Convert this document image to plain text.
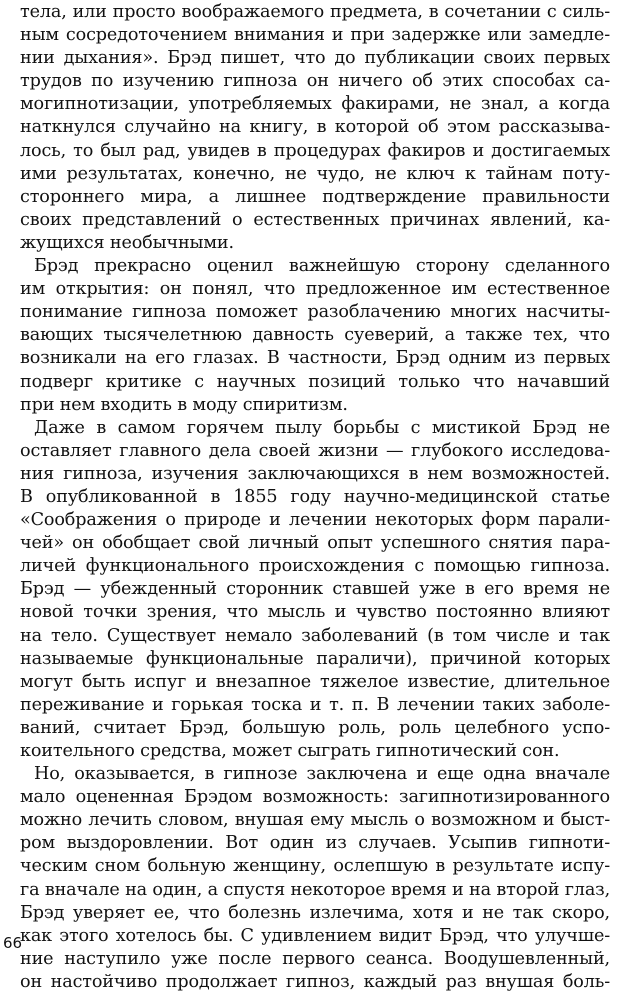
тела, или просто воображаемого предмета, в сочетании с силь-
ным сосредоточением внимания и при задержке или замедле-
нии дыхания». Брэд пишет, что до публикации своих первых
трудов по изучению гипноза он ничего об этих способах са-
могипнотизации, употребляемых факирами, не знал, а когда
наткнулся случайно на книгу, в которой об этом рассказыва-
лось, то был рад, увидев в процедурах факиров и достигаемых
ими результатах, конечно, не чудо, не ключ к тайнам поту-
стороннего мира, а лишнее подтверждение правильности
своих представлений о естественных причинах явлений, ка-
жущихся необычными.
Брэд прекрасно оценил важнейшую сторону сделанного
им открытия: он понял, что предложенное им естественное
понимание гипноза поможет разоблачению многих насчиты-
вающих тысячелетнюю давность суеверий, а также тех, что
возникали на его глазах. В частности, Брэд одним из первых
подверг критике с научных позиций только что начавший
при нем входить в моду спиритизм.
Даже в самом горячем пылу борьбы с мистикой Брэд не
оставляет главного дела своей жизни — глубокого исследова-
ния гипноза, изучения заключающихся в нем возможностей.
В опубликованной в 1855 году научно-медицинской статье
«Соображения о природе и лечении некоторых форм парали-
чей» он обобщает свой личный опыт успешного снятия пара-
личей функционального происхождения с помощью гипноза.
Брэд — убежденный сторонник ставшей уже в его время не
новой точки зрения, что мысль и чувство постоянно влияют
на тело. Существует немало заболеваний (в том числе и так
называемые функциональные параличи), причиной которых
могут быть испуг и внезапное тяжелое известие, длительное
переживание и горькая тоска и т. п. В лечении таких заболе-
ваний, считает Брэд, большую роль, роль целебного успо-
коительного средства, может сыграть гипнотический сон.
Но, оказывается, в гипнозе заключена и еще одна вначале
мало оцененная Брэдом возможность: загипнотизированного
можно лечить словом, внушая ему мысль о возможном и быст-
ром выздоровлении. Вот один из случаев. Усыпив гипноти-
ческим сном больную женщину, ослепшую в результате испу-
га вначале на один, а спустя некоторое время и на второй глаз,
Брэд уверяет ее, что болезнь излечима, хотя и не так скоро,
как этого хотелось бы. С удивлением видит Брэд, что улучше-
ние наступило уже после первого сеанса. Воодушевленный,
он настойчиво продолжает гипноз, каждый раз внушая боль-
66
